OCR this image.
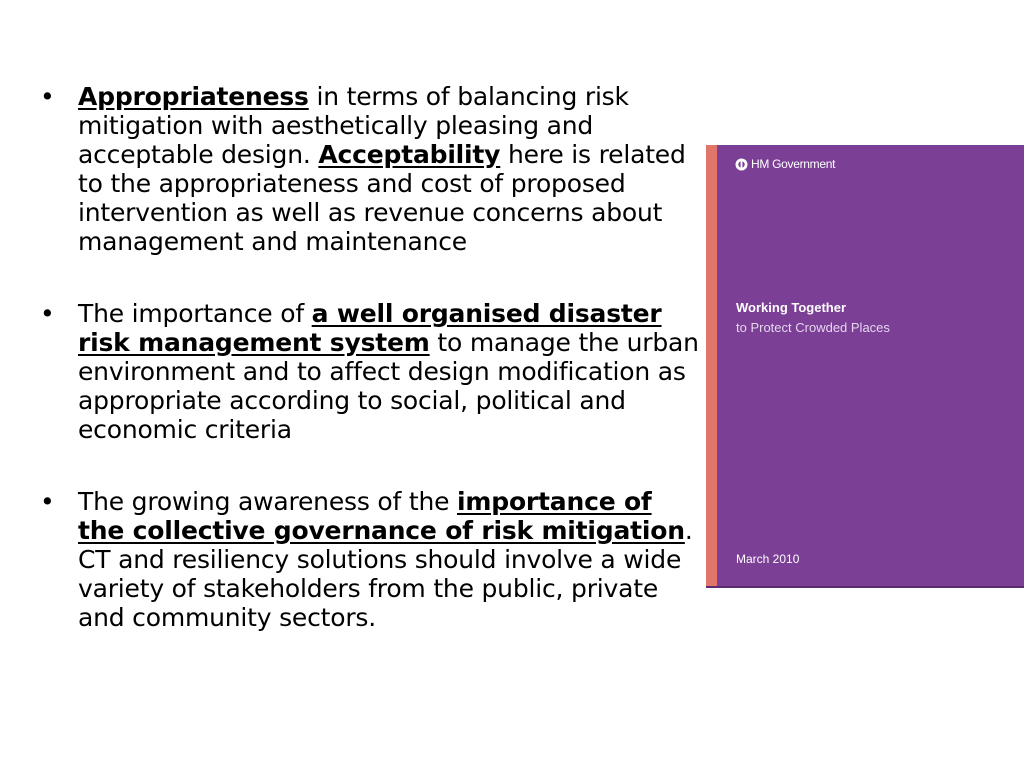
• Appropriateness in terms of balancing risk mitigation with aesthetically pleasing and acceptable design. Acceptability here is related to the appropriateness and cost of proposed intervention as well as revenue concerns about management and maintenance
• The importance of a well organised disaster risk management system to manage the urban environment and to affect design modification as appropriate according to social, political and economic criteria
• The growing awareness of the importance of the collective governance of risk mitigation. CT and resiliency solutions should involve a wide variety of stakeholders from the public, private and community sectors.
HM Government
Working Together
to Protect Crowded Places
March 2010
